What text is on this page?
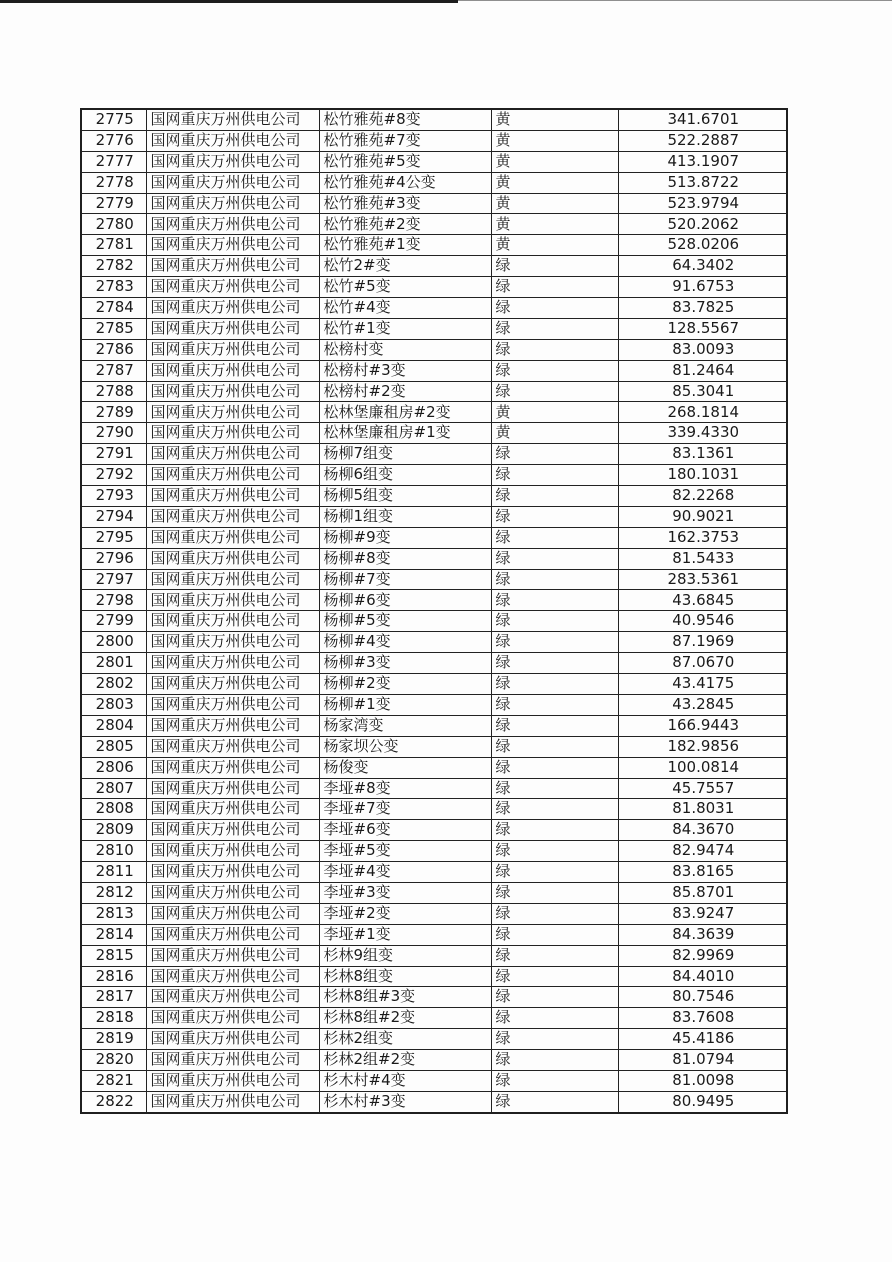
2775	国网重庆万州供电公司	松竹雅苑#8变	黄	341.6701
2776	国网重庆万州供电公司	松竹雅苑#7变	黄	522.2887
2777	国网重庆万州供电公司	松竹雅苑#5变	黄	413.1907
2778	国网重庆万州供电公司	松竹雅苑#4公变	黄	513.8722
2779	国网重庆万州供电公司	松竹雅苑#3变	黄	523.9794
2780	国网重庆万州供电公司	松竹雅苑#2变	黄	520.2062
2781	国网重庆万州供电公司	松竹雅苑#1变	黄	528.0206
2782	国网重庆万州供电公司	松竹2#变	绿	64.3402
2783	国网重庆万州供电公司	松竹#5变	绿	91.6753
2784	国网重庆万州供电公司	松竹#4变	绿	83.7825
2785	国网重庆万州供电公司	松竹#1变	绿	128.5567
2786	国网重庆万州供电公司	松榜村变	绿	83.0093
2787	国网重庆万州供电公司	松榜村#3变	绿	81.2464
2788	国网重庆万州供电公司	松榜村#2变	绿	85.3041
2789	国网重庆万州供电公司	松林堡廉租房#2变	黄	268.1814
2790	国网重庆万州供电公司	松林堡廉租房#1变	黄	339.4330
2791	国网重庆万州供电公司	杨柳7组变	绿	83.1361
2792	国网重庆万州供电公司	杨柳6组变	绿	180.1031
2793	国网重庆万州供电公司	杨柳5组变	绿	82.2268
2794	国网重庆万州供电公司	杨柳1组变	绿	90.9021
2795	国网重庆万州供电公司	杨柳#9变	绿	162.3753
2796	国网重庆万州供电公司	杨柳#8变	绿	81.5433
2797	国网重庆万州供电公司	杨柳#7变	绿	283.5361
2798	国网重庆万州供电公司	杨柳#6变	绿	43.6845
2799	国网重庆万州供电公司	杨柳#5变	绿	40.9546
2800	国网重庆万州供电公司	杨柳#4变	绿	87.1969
2801	国网重庆万州供电公司	杨柳#3变	绿	87.0670
2802	国网重庆万州供电公司	杨柳#2变	绿	43.4175
2803	国网重庆万州供电公司	杨柳#1变	绿	43.2845
2804	国网重庆万州供电公司	杨家湾变	绿	166.9443
2805	国网重庆万州供电公司	杨家坝公变	绿	182.9856
2806	国网重庆万州供电公司	杨俊变	绿	100.0814
2807	国网重庆万州供电公司	李垭#8变	绿	45.7557
2808	国网重庆万州供电公司	李垭#7变	绿	81.8031
2809	国网重庆万州供电公司	李垭#6变	绿	84.3670
2810	国网重庆万州供电公司	李垭#5变	绿	82.9474
2811	国网重庆万州供电公司	李垭#4变	绿	83.8165
2812	国网重庆万州供电公司	李垭#3变	绿	85.8701
2813	国网重庆万州供电公司	李垭#2变	绿	83.9247
2814	国网重庆万州供电公司	李垭#1变	绿	84.3639
2815	国网重庆万州供电公司	杉林9组变	绿	82.9969
2816	国网重庆万州供电公司	杉林8组变	绿	84.4010
2817	国网重庆万州供电公司	杉林8组#3变	绿	80.7546
2818	国网重庆万州供电公司	杉林8组#2变	绿	83.7608
2819	国网重庆万州供电公司	杉林2组变	绿	45.4186
2820	国网重庆万州供电公司	杉林2组#2变	绿	81.0794
2821	国网重庆万州供电公司	杉木村#4变	绿	81.0098
2822	国网重庆万州供电公司	杉木村#3变	绿	80.9495
